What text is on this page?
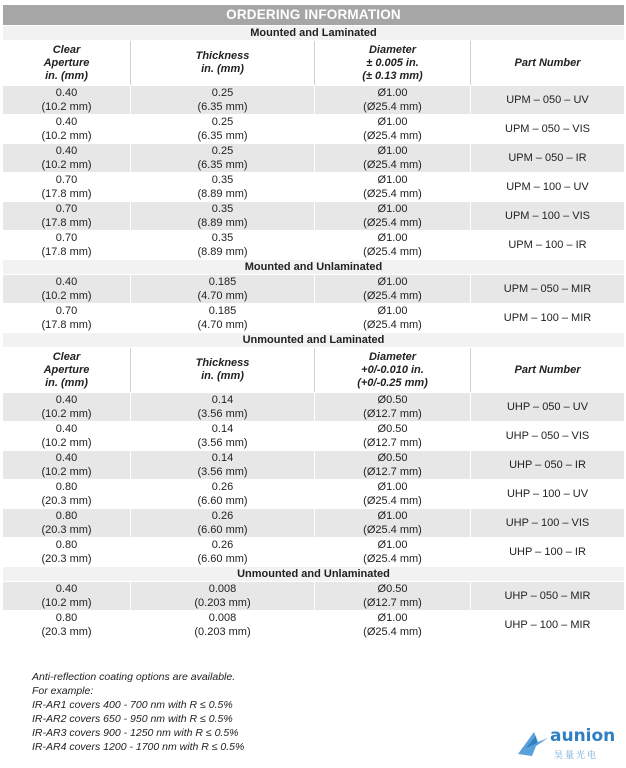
ORDERING INFORMATION			
Mounted and Laminated			

Clear
Aperture
in. (mm)	Thickness
in. (mm)	Diameter
± 0.005 in.
(± 0.13 mm)	Part Number

0.40
(10.2 mm)	0.25
(6.35 mm)	Ø1.00
(Ø25.4 mm)	UPM – 050 – UV

0.40
(10.2 mm)	0.25
(6.35 mm)	Ø1.00
(Ø25.4 mm)	UPM – 050 – VIS

0.40
(10.2 mm)	0.25
(6.35 mm)	Ø1.00
(Ø25.4 mm)	UPM – 050 – IR

0.70
(17.8 mm)	0.35
(8.89 mm)	Ø1.00
(Ø25.4 mm)	UPM – 100 – UV

0.70
(17.8 mm)	0.35
(8.89 mm)	Ø1.00
(Ø25.4 mm)	UPM – 100 – VIS

0.70
(17.8 mm)	0.35
(8.89 mm)	Ø1.00
(Ø25.4 mm)	UPM – 100 – IR

Mounted and Unlaminated			

0.40
(10.2 mm)	0.185
(4.70 mm)	Ø1.00
(Ø25.4 mm)	UPM – 050 – MIR

0.70
(17.8 mm)	0.185
(4.70 mm)	Ø1.00
(Ø25.4 mm)	UPM – 100 – MIR

Unmounted and Laminated			

Clear
Aperture
in. (mm)	Thickness
in. (mm)	Diameter
+0/-0.010 in.
(+0/-0.25 mm)	Part Number

0.40
(10.2 mm)	0.14
(3.56 mm)	Ø0.50
(Ø12.7 mm)	UHP – 050 – UV

0.40
(10.2 mm)	0.14
(3.56 mm)	Ø0.50
(Ø12.7 mm)	UHP – 050 – VIS

0.40
(10.2 mm)	0.14
(3.56 mm)	Ø0.50
(Ø12.7 mm)	UHP – 050 – IR

0.80
(20.3 mm)	0.26
(6.60 mm)	Ø1.00
(Ø25.4 mm)	UHP – 100 – UV

0.80
(20.3 mm)	0.26
(6.60 mm)	Ø1.00
(Ø25.4 mm)	UHP – 100 – VIS

0.80
(20.3 mm)	0.26
(6.60 mm)	Ø1.00
(Ø25.4 mm)	UHP – 100 – IR

Unmounted and Unlaminated			

0.40
(10.2 mm)	0.008
(0.203 mm)	Ø0.50
(Ø12.7 mm)	UHP – 050 – MIR

0.80
(20.3 mm)	0.008
(0.203 mm)	Ø1.00
(Ø25.4 mm)	UHP – 100 – MIR
Anti-reflection coating options are available.
For example:
IR-AR1 covers 400 - 700 nm with R ≤ 0.5%
IR-AR2 covers 650 - 950 nm with R ≤ 0.5%
IR-AR3 covers 900 - 1250 nm with R ≤ 0.5%
IR-AR4 covers 1200 - 1700 nm with R ≤ 0.5%
aunion
昊量光电
